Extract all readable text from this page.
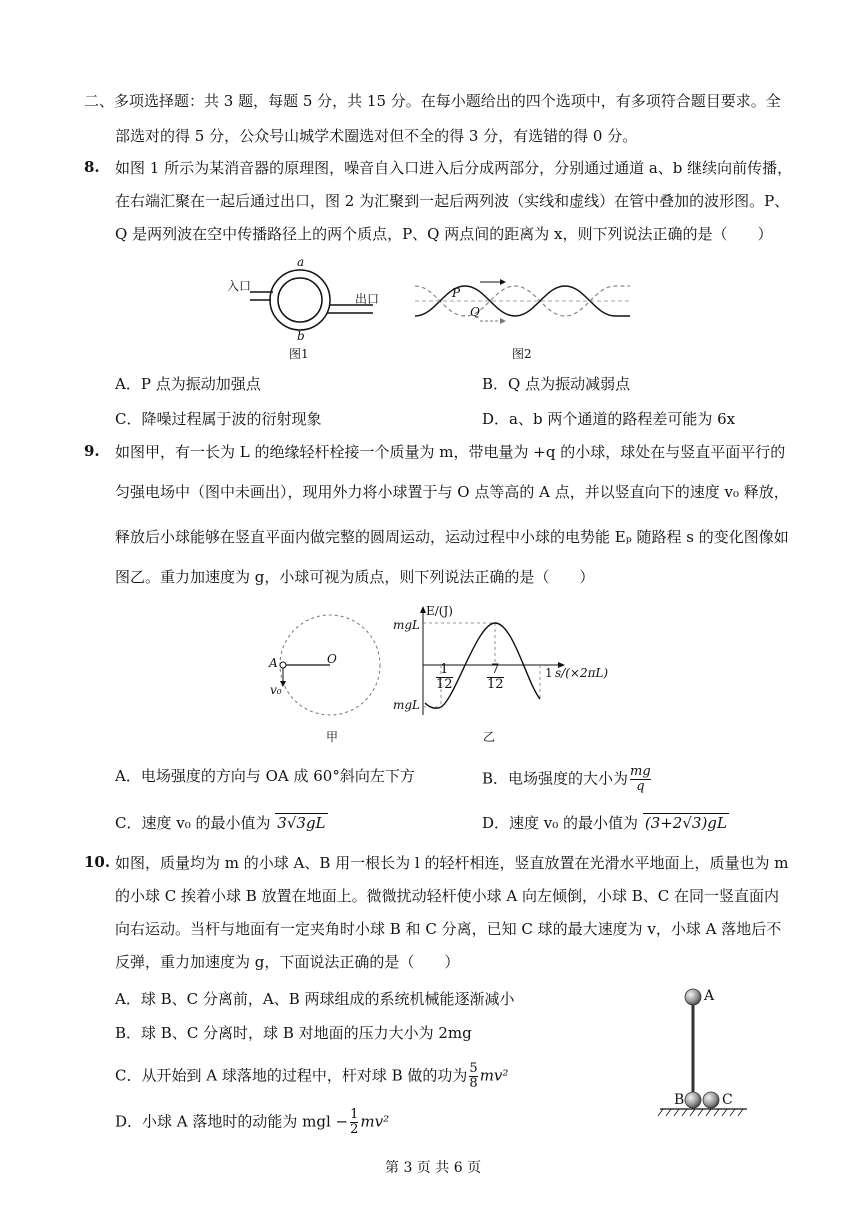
二、多项选择题：共 3 题，每题 5 分，共 15 分。在每小题给出的四个选项中，有多项符合题目要求。全
部选对的得 5 分，公众号山城学术圈选对但不全的得 3 分，有选错的得 0 分。
8. 如图 1 所示为某消音器的原理图，噪音自入口进入后分成两部分，分别通过通道 a、b 继续向前传播，
在右端汇聚在一起后通过出口，图 2 为汇聚到一起后两列波（实线和虚线）在管中叠加的波形图。P、
Q 是两列波在空中传播路径上的两个质点，P、Q 两点间的距离为 x，则下列说法正确的是（　　）
入口
出口
a
b
图1
P
Q
图2
A．P 点为振动加强点	B．Q 点为振动减弱点
C．降噪过程属于波的衍射现象	D．a、b 两个通道的路程差可能为 6x
9. 如图甲，有一长为 L 的绝缘轻杆栓接一个质量为 m，带电量为 +q 的小球，球处在与竖直平面平行的
匀强电场中（图中未画出），现用外力将小球置于与 O 点等高的 A 点，并以竖直向下的速度 v₀ 释放，
释放后小球能够在竖直平面内做完整的圆周运动，运动过程中小球的电势能 Eₚ 随路程 s 的变化图像如
图乙。重力加速度为 g，小球可视为质点，则下列说法正确的是（　　）
A	O
v₀
甲
E/(J)
mgL
mgL
s/(×2πL)
$\frac{1}{12}$	$\frac{7}{12}$	1
乙
A．电场强度的方向与 OA 成 60°斜向左下方	B．电场强度的大小为 $\frac{mg}{q}$
C．速度 v₀ 的最小值为 3√3gL	D．速度 v₀ 的最小值为 (3+2√3)gL
10. 如图，质量均为 m 的小球 A、B 用一根长为 l 的轻杆相连，竖直放置在光滑水平地面上，质量也为 m
的小球 C 挨着小球 B 放置在地面上。微微扰动轻杆使小球 A 向左倾倒，小球 B、C 在同一竖直面内
向右运动。当杆与地面有一定夹角时小球 B 和 C 分离，已知 C 球的最大速度为 v，小球 A 落地后不
反弹，重力加速度为 g，下面说法正确的是（　　）
A．球 B、C 分离前，A、B 两球组成的系统机械能逐渐减小
B．球 B、C 分离时，球 B 对地面的压力大小为 2mg
C．从开始到 A 球落地的过程中，杆对球 B 做的功为 $\frac{5}{8} mv^2$
D．小球 A 落地时的动能为 mgl − $\frac{1}{2} mv^2$
A
B	C
第 3 页 共 6 页
